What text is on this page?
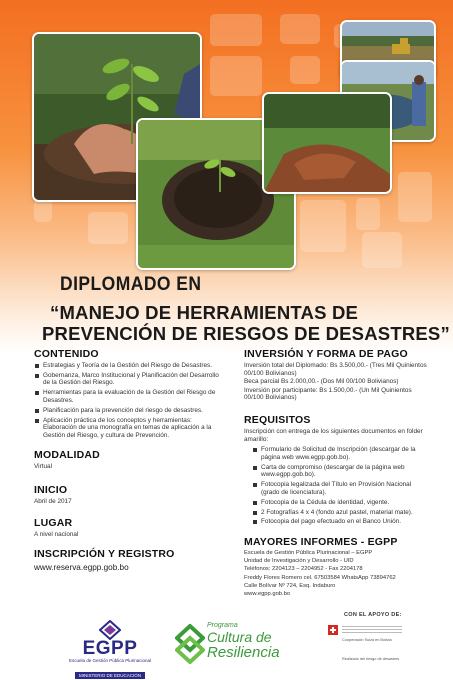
DIPLOMADO EN
“MANEJO DE HERRAMIENTAS DE
PREVENCIÓN DE RIESGOS DE DESASTRES”
CONTENIDO
Estrategias y Teoría de la Gestión del Riesgo de Desastres.
Gobernanza, Marco Institucional y Planificación del Desarrollo de la Gestión del Riesgo.
Herramientas para la evaluación de la Gestión del Riesgo de Desastres.
Planificación para la prevención del riesgo de desastres.
Aplicación práctica de los conceptos y herramientas: Elaboración de una monografía en temas de aplicación a la Gestión del Riesgo, y cultura de Prevención.
MODALIDAD
Virtual
INICIO
Abril de 2017
LUGAR
A nivel nacional
INSCRIPCIÓN Y REGISTRO
www.reserva.egpp.gob.bo
INVERSIÓN Y FORMA DE PAGO
Inversión total del Diplomado: Bs 3.500,00.- (Tres Mil Quinientos 00/100 Bolivianos)
Beca parcial Bs 2.000,00.- (Dos Mil 00/100 Bolivianos)
Inversión por participante: Bs 1.500,00.- (Un Mil Quinientos 00/100 Bolivianos)
REQUISITOS
Inscripción con entrega de los siguientes documentos en folder amarillo:
Formulario de Solicitud de Inscripción (descargar de la página web www.egpp.gob.bo).
Carta de compromiso (descargar de la página web www.egpp.gob.bo).
Fotocopia legalizada del Título en Provisión Nacional (grado de licenciatura).
Fotocopia de la Cédula de identidad, vigente.
2 Fotografías 4 x 4 (fondo azul pastel, material mate).
Fotocopia del pago efectuado en el Banco Unión.
MAYORES INFORMES - EGPP
Escuela de Gestión Pública Plurinacional – EGPP
Unidad de Investigación y Desarrollo - UID
Teléfonos: 2204123 – 2204952 - Fax 2204178
Freddy Flores Romero cel. 67503584 WhatsApp 73894762
Calle Bolívar Nº 724, Esq. Indaburo
www.egpp.gob.bo
EGPP
Escuela de Gestión Pública Plurinacional
MINISTERIO DE EDUCACIÓN
Programa
Cultura de
Resiliencia
CON EL APOYO DE:
Cooperación Suiza en Bolivia
Realizado del riesgo de desastres
